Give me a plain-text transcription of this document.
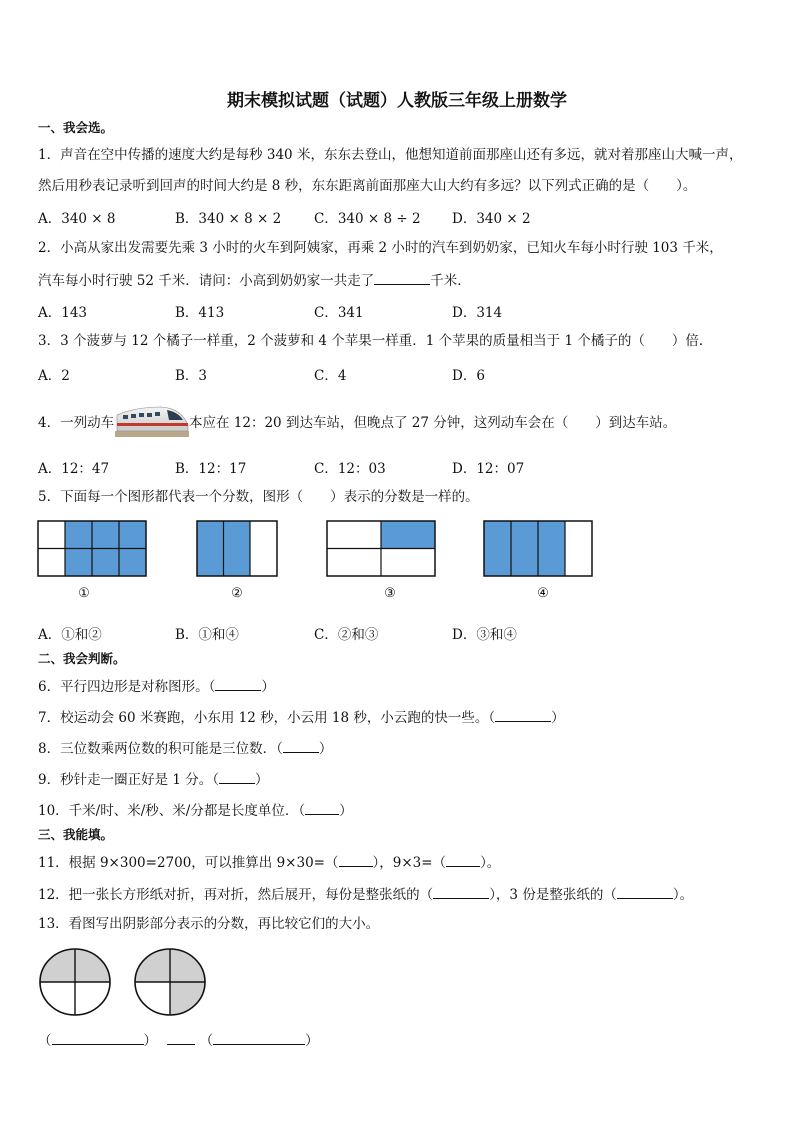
期末模拟试题（试题）人教版三年级上册数学
一、我会选。
1．声音在空中传播的速度大约是每秒 340 米，东东去登山，他想知道前面那座山还有多远，就对着那座山大喊一声，
然后用秒表记录听到回声的时间大约是 8 秒，东东距离前面那座大山大约有多远？以下列式正确的是（　　）。
A．340 × 8	B．340 × 8 × 2 C．340 × 8 ÷ 2 D．340 × 2
2．小高从家出发需要先乘 3 小时的火车到阿姨家，再乘 2 小时的汽车到奶奶家，已知火车每小时行驶 103 千米，
汽车每小时行驶 52 千米．请问：小高到奶奶家一共走了	千米．
A．143	B．413	C．341	D．314
3．3 个菠萝与 12 个橘子一样重，2 个菠萝和 4 个苹果一样重．1 个苹果的质量相当于 1 个橘子的（　　）倍．
A．2	B．3	C．4	D．6
4．一列动车	本应在 12：20 到达车站，但晚点了 27 分钟，这列动车会在（　　）到达车站。
A．12：47	B．12：17	C．12：03	D．12：07
5．下面每一个图形都代表一个分数，图形（　　）表示的分数是一样的。
①	②	③	④
A．①和②	B．①和④	C．②和③	D．③和④
二、我会判断。
6．平行四边形是对称图形。（	）
7．校运动会 60 米赛跑，小东用 12 秒，小云用 18 秒，小云跑的快一些。（	）
8．三位数乘两位数的积可能是三位数．（	）
9．秒针走一圈正好是 1 分。（	）
10．千米/时、米/秒、米/分都是长度单位．（	）
三、我能填。
11．根据 9×300=2700，可以推算出 9×30=（	），9×3=（	）。
12．把一张长方形纸对折，再对折，然后展开，每份是整张纸的（	），3 份是整张纸的（	）。
13．看图写出阴影部分表示的分数，再比较它们的大小。
（	）	（	）
